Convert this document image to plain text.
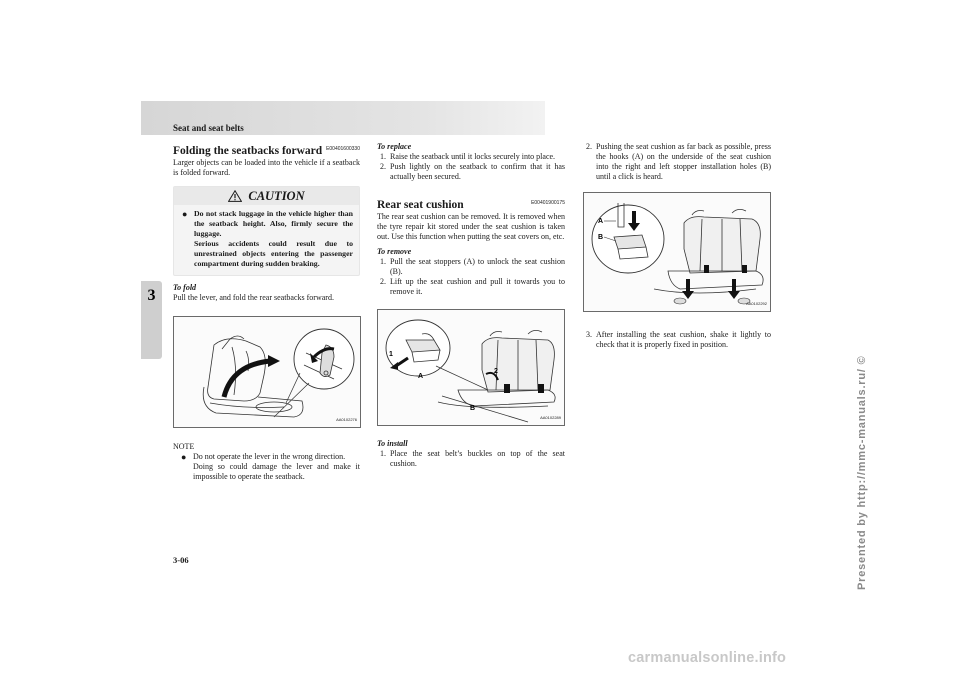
Seat and seat belts
3
3-06	Presented by http://mmc-manuals.ru/ ©
carmanualsonline.info
Folding the seatbacks forward E00401600330

Larger objects can be loaded into the vehicle if a seatback is folded forward.

CAUTION
● Do not stack luggage in the vehicle higher than the seatback height. Also, firmly secure the luggage.

Serious accidents could result due to unrestrained objects entering the passenger compartment during sudden braking.

To fold

Pull the lever, and fold the rear seatbacks forward.

AA0102276
NOTE
● Do not operate the lever in the wrong direction.

Doing so could damage the lever and make it impossible to operate the seatback.

To replace
1. Raise the seatback until it locks securely into place.
2. Push lightly on the seatback to confirm that it has actually been secured.
Rear seat cushion	E00401900175

The rear seat cushion can be removed. It is removed when the tyre repair kit stored under the seat cushion is taken out. Use this function when putting the seat covers on, etc.

To remove
1. Pull the seat stoppers (A) to unlock the seat cushion (B).
2. Lift up the seat cushion and pull it towards you to remove it.
1
A
2
B
AA0102289
To install
1. Place the seat belt’s buckles on top of the seat cushion.
2. Pushing the seat cushion as far back as possible, press the hooks (A) on the underside of the seat cushion into the right and left stopper installation holes (B) until a click is heard.
A
B
AA0102292
3. After installing the seat cushion, shake it lightly to check that it is properly fixed in position.
